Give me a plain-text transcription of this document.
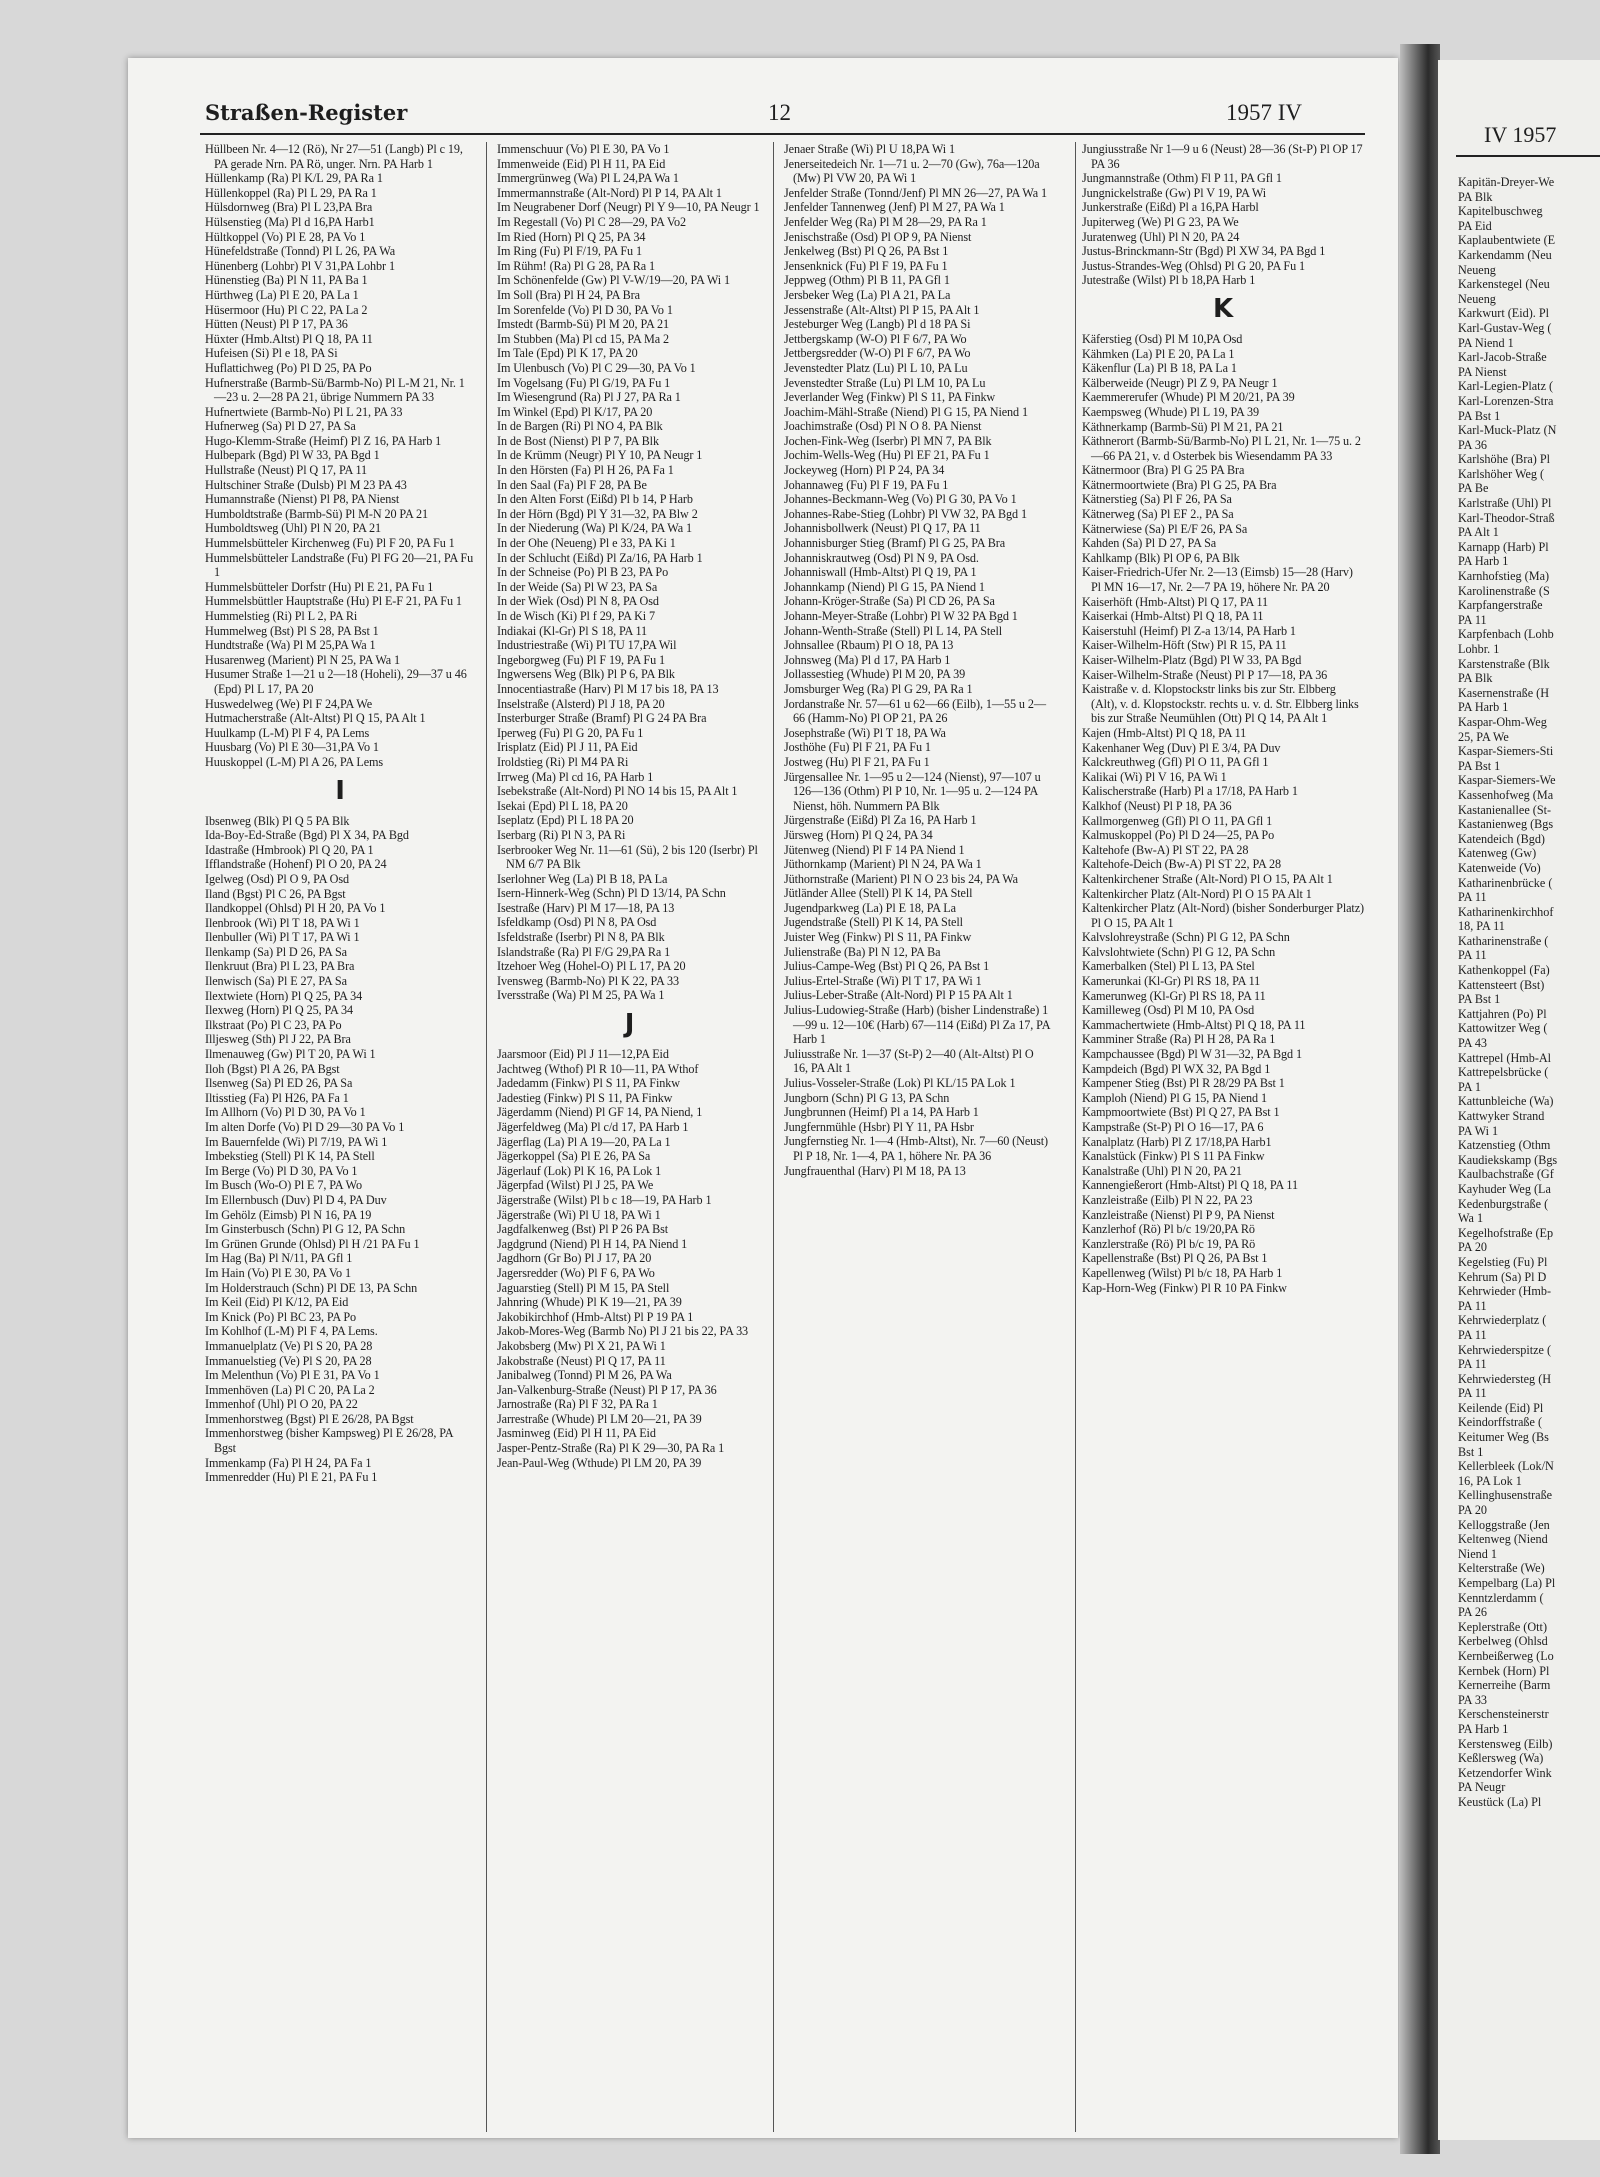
IV 1957
Kapitän-Dreyer-We
PA Blk
Kapitelbuschweg
PA Eid
Kaplaubentwiete (E
Karkendamm (Neu
Neueng
Karkenstegel (Neu
Neueng
Karkwurt (Eid). Pl
Karl-Gustav-Weg (
PA Niend 1
Karl-Jacob-Straße
PA Nienst
Karl-Legien-Platz (
Karl-Lorenzen-Stra
PA Bst 1
Karl-Muck-Platz (N
PA 36
Karlshöhe (Bra) Pl
Karlshöher Weg (
PA Be
Karlstraße (Uhl) Pl
Karl-Theodor-Straß
PA Alt 1
Karnapp (Harb) Pl
PA Harb 1
Karnhofstieg (Ma)
Karolinenstraße (S
Karpfangerstraße
PA 11
Karpfenbach (Lohb
Lohbr. 1
Karstenstraße (Blk
PA Blk
Kasernenstraße (H
PA Harb 1
Kaspar-Ohm-Weg
25, PA We
Kaspar-Siemers-Sti
PA Bst 1
Kaspar-Siemers-We
Kassenhofweg (Ma
Kastanienallee (St-
Kastanienweg (Bgs
Katendeich (Bgd)
Katenweg (Gw)
Katenweide (Vo)
Katharinenbrücke (
PA 11
Katharinenkirchhof
18, PA 11
Katharinenstraße (
PA 11
Kathenkoppel (Fa)
Kattensteert (Bst)
PA Bst 1
Kattjahren (Po) Pl
Kattowitzer Weg (
PA 43
Kattrepel (Hmb-Al
Kattrepelsbrücke (
PA 1
Kattunbleiche (Wa)
Kattwyker Strand
PA Wi 1
Katzenstieg (Othm
Kaudiekskamp (Bgs
Kaulbachstraße (Gf
Kayhuder Weg (La
Kedenburgstraße (
Wa 1
Kegelhofstraße (Ep
PA 20
Kegelstieg (Fu) Pl
Kehrum (Sa) Pl D
Kehrwieder (Hmb-
PA 11
Kehrwiederplatz (
PA 11
Kehrwiederspitze (
PA 11
Kehrwiedersteg (H
PA 11
Keilende (Eid) Pl
Keindorffstraße (
Keitumer Weg (Bs
Bst 1
Kellerbleek (Lok/N
16, PA Lok 1
Kellinghusenstraße
PA 20
Kelloggstraße (Jen
Keltenweg (Niend
Niend 1
Kelterstraße (We)
Kempelbarg (La) Pl
Kenntzlerdamm (
PA 26
Keplerstraße (Ott)
Kerbelweg (Ohlsd
Kernbeißerweg (Lo
Kernbek (Horn) Pl
Kernerreihe (Barm
PA 33
Kerschensteinerstr
PA Harb 1
Kerstensweg (Eilb)
Keßlersweg (Wa)
Ketzendorfer Wink
PA Neugr
Keustück (La) Pl
Straßen-Register	12	1957 IV
Hüllbeen Nr. 4—12 (Rö), Nr 27—51 (Langb) Pl c 19, PA gerade Nrn. PA Rö, unger. Nrn. PA Harb 1
Hüllenkamp (Ra) Pl K/L 29, PA Ra 1
Hüllenkoppel (Ra) Pl L 29, PA Ra 1
Hülsdornweg (Bra) Pl L 23,PA Bra
Hülsenstieg (Ma) Pl d 16,PA Harb1
Hültkoppel (Vo) Pl E 28, PA Vo 1
Hünefeldstraße (Tonnd) Pl L 26, PA Wa
Hünenberg (Lohbr) Pl V 31,PA Lohbr 1
Hünenstieg (Ba) Pl N 11, PA Ba 1
Hürthweg (La) Pl E 20, PA La 1
Hüsermoor (Hu) Pl C 22, PA La 2
Hütten (Neust) Pl P 17, PA 36
Hüxter (Hmb.Altst) Pl Q 18, PA 11
Hufeisen (Si) Pl e 18, PA Si
Huflattichweg (Po) Pl D 25, PA Po
Hufnerstraße (Barmb-Sü/Barmb-No) Pl L-M 21, Nr. 1—23 u. 2—28 PA 21, übrige Nummern PA 33
Hufnertwiete (Barmb-No) Pl L 21, PA 33
Hufnerweg (Sa) Pl D 27, PA Sa
Hugo-Klemm-Straße (Heimf) Pl Z 16, PA Harb 1
Hulbepark (Bgd) Pl W 33, PA Bgd 1
Hullstraße (Neust) Pl Q 17, PA 11
Hultschiner Straße (Dulsb) Pl M 23 PA 43
Humannstraße (Nienst) Pl P8, PA Nienst
Humboldtstraße (Barmb-Sü) Pl M-N 20 PA 21
Humboldtsweg (Uhl) Pl N 20, PA 21
Hummelsbütteler Kirchenweg (Fu) Pl F 20, PA Fu 1
Hummelsbütteler Landstraße (Fu) Pl FG 20—21, PA Fu 1
Hummelsbütteler Dorfstr (Hu) Pl E 21, PA Fu 1
Hummelsbüttler Hauptstraße (Hu) Pl E-F 21, PA Fu 1
Hummelstieg (Ri) Pl L 2, PA Ri
Hummelweg (Bst) Pl S 28, PA Bst 1
Hundtstraße (Wa) Pl M 25,PA Wa 1
Husarenweg (Marient) Pl N 25, PA Wa 1
Husumer Straße 1—21 u 2—18 (Hoheli), 29—37 u 46 (Epd) Pl L 17, PA 20
Huswedelweg (We) Pl F 24,PA We
Hutmacherstraße (Alt-Altst) Pl Q 15, PA Alt 1
Huulkamp (L-M) Pl F 4, PA Lems
Huusbarg (Vo) Pl E 30—31,PA Vo 1
Huuskoppel (L-M) Pl A 26, PA Lems
I
Ibsenweg (Blk) Pl Q 5 PA Blk
Ida-Boy-Ed-Straße (Bgd) Pl X 34, PA Bgd
Idastraße (Hmbrook) Pl Q 20, PA 1
Ifflandstraße (Hohenf) Pl O 20, PA 24
Igelweg (Osd) Pl O 9, PA Osd
Iland (Bgst) Pl C 26, PA Bgst
Ilandkoppel (Ohlsd) Pl H 20, PA Vo 1
Ilenbrook (Wi) Pl T 18, PA Wi 1
Ilenbuller (Wi) Pl T 17, PA Wi 1
Ilenkamp (Sa) Pl D 26, PA Sa
Ilenkruut (Bra) Pl L 23, PA Bra
Ilenwisch (Sa) Pl E 27, PA Sa
Ilextwiete (Horn) Pl Q 25, PA 34
Ilexweg (Horn) Pl Q 25, PA 34
Ilkstraat (Po) Pl C 23, PA Po
Illjesweg (Sth) Pl J 22, PA Bra
Ilmenauweg (Gw) Pl T 20, PA Wi 1
Iloh (Bgst) Pl A 26, PA Bgst
Ilsenweg (Sa) Pl ED 26, PA Sa
Iltisstieg (Fa) Pl H26, PA Fa 1
Im Allhorn (Vo) Pl D 30, PA Vo 1
Im alten Dorfe (Vo) Pl D 29—30 PA Vo 1
Im Bauernfelde (Wi) Pl 7/19, PA Wi 1
Imbekstieg (Stell) Pl K 14, PA Stell
Im Berge (Vo) Pl D 30, PA Vo 1
Im Busch (Wo-O) Pl E 7, PA Wo
Im Ellernbusch (Duv) Pl D 4, PA Duv
Im Gehölz (Eimsb) Pl N 16, PA 19
Im Ginsterbusch (Schn) Pl G 12, PA Schn
Im Grünen Grunde (Ohlsd) Pl H /21 PA Fu 1
Im Hag (Ba) Pl N/11, PA Gfl 1
Im Hain (Vo) Pl E 30, PA Vo 1
Im Holderstrauch (Schn) Pl DE 13, PA Schn
Im Keil (Eid) Pl K/12, PA Eid
Im Knick (Po) Pl BC 23, PA Po
Im Kohlhof (L-M) Pl F 4, PA Lems.
Immanuelplatz (Ve) Pl S 20, PA 28
Immanuelstieg (Ve) Pl S 20, PA 28
Im Melenthun (Vo) Pl E 31, PA Vo 1
Immenhöven (La) Pl C 20, PA La 2
Immenhof (Uhl) Pl O 20, PA 22
Immenhorstweg (Bgst) Pl E 26/28, PA Bgst
Immenhorstweg (bisher Kampsweg) Pl E 26/28, PA Bgst
Immenkamp (Fa) Pl H 24, PA Fa 1
Immenredder (Hu) Pl E 21, PA Fu 1
Immenschuur (Vo) Pl E 30, PA Vo 1
Immenweide (Eid) Pl H 11, PA Eid
Immergrünweg (Wa) Pl L 24,PA Wa 1
Immermannstraße (Alt-Nord) Pl P 14, PA Alt 1
Im Neugrabener Dorf (Neugr) Pl Y 9—10, PA Neugr 1
Im Regestall (Vo) Pl C 28—29, PA Vo2
Im Ried (Horn) Pl Q 25, PA 34
Im Ring (Fu) Pl F/19, PA Fu 1
Im Rühm! (Ra) Pl G 28, PA Ra 1
Im Schönenfelde (Gw) Pl V-W/19—20, PA Wi 1
Im Soll (Bra) Pl H 24, PA Bra
Im Sorenfelde (Vo) Pl D 30, PA Vo 1
Imstedt (Barmb-Sü) Pl M 20, PA 21
Im Stubben (Ma) Pl cd 15, PA Ma 2
Im Tale (Epd) Pl K 17, PA 20
Im Ulenbusch (Vo) Pl C 29—30, PA Vo 1
Im Vogelsang (Fu) Pl G/19, PA Fu 1
Im Wiesengrund (Ra) Pl J 27, PA Ra 1
Im Winkel (Epd) Pl K/17, PA 20
In de Bargen (Ri) Pl NO 4, PA Blk
In de Bost (Nienst) Pl P 7, PA Blk
In de Krümm (Neugr) Pl Y 10, PA Neugr 1
In den Hörsten (Fa) Pl H 26, PA Fa 1
In den Saal (Fa) Pl F 28, PA Be
In den Alten Forst (Eißd) Pl b 14, P Harb
In der Hörn (Bgd) Pl Y 31—32, PA Blw 2
In der Niederung (Wa) Pl K/24, PA Wa 1
In der Ohe (Neueng) Pl e 33, PA Ki 1
In der Schlucht (Eißd) Pl Za/16, PA Harb 1
In der Schneise (Po) Pl B 23, PA Po
In der Weide (Sa) Pl W 23, PA Sa
In der Wiek (Osd) Pl N 8, PA Osd
In de Wisch (Ki) Pl f 29, PA Ki 7
Indiakai (Kl-Gr) Pl S 18, PA 11
Industriestraße (Wi) Pl TU 17,PA Wil
Ingeborgweg (Fu) Pl F 19, PA Fu 1
Ingwersens Weg (Blk) Pl P 6, PA Blk
Innocentiastraße (Harv) Pl M 17 bis 18, PA 13
Inselstraße (Alsterd) Pl J 18, PA 20
Insterburger Straße (Bramf) Pl G 24 PA Bra
Iperweg (Fu) Pl G 20, PA Fu 1
Irisplatz (Eid) Pl J 11, PA Eid
Iroldstieg (Ri) Pl M4 PA Ri
Irrweg (Ma) Pl cd 16, PA Harb 1
Isebekstraße (Alt-Nord) Pl NO 14 bis 15, PA Alt 1
Isekai (Epd) Pl L 18, PA 20
Iseplatz (Epd) Pl L 18 PA 20
Iserbarg (Ri) Pl N 3, PA Ri
Iserbrooker Weg Nr. 11—61 (Sü), 2 bis 120 (Iserbr) Pl NM 6/7 PA Blk
Iserlohner Weg (La) Pl B 18, PA La
Isern-Hinnerk-Weg (Schn) Pl D 13/14, PA Schn
Isestraße (Harv) Pl M 17—18, PA 13
Isfeldkamp (Osd) Pl N 8, PA Osd
Isfeldstraße (Iserbr) Pl N 8, PA Blk
Islandstraße (Ra) Pl F/G 29,PA Ra 1
Itzehoer Weg (Hohel-O) Pl L 17, PA 20
Ivensweg (Barmb-No) Pl K 22, PA 33
Iversstraße (Wa) Pl M 25, PA Wa 1
J
Jaarsmoor (Eid) Pl J 11—12,PA Eid
Jachtweg (Wthof) Pl R 10—11, PA Wthof
Jadedamm (Finkw) Pl S 11, PA Finkw
Jadestieg (Finkw) Pl S 11, PA Finkw
Jägerdamm (Niend) Pl GF 14, PA Niend, 1
Jägerfeldweg (Ma) Pl c/d 17, PA Harb 1
Jägerflag (La) Pl A 19—20, PA La 1
Jägerkoppel (Sa) Pl E 26, PA Sa
Jägerlauf (Lok) Pl K 16, PA Lok 1
Jägerpfad (Wilst) Pl J 25, PA We
Jägerstraße (Wilst) Pl b c 18—19, PA Harb 1
Jägerstraße (Wi) Pl U 18, PA Wi 1
Jagdfalkenweg (Bst) Pl P 26 PA Bst
Jagdgrund (Niend) Pl H 14, PA Niend 1
Jagdhorn (Gr Bo) Pl J 17, PA 20
Jagersredder (Wo) Pl F 6, PA Wo
Jaguarstieg (Stell) Pl M 15, PA Stell
Jahnring (Whude) Pl K 19—21, PA 39
Jakobikirchhof (Hmb-Altst) Pl P 19 PA 1
Jakob-Mores-Weg (Barmb No) Pl J 21 bis 22, PA 33
Jakobsberg (Mw) Pl X 21, PA Wi 1
Jakobstraße (Neust) Pl Q 17, PA 11
Janibalweg (Tonnd) Pl M 26, PA Wa
Jan-Valkenburg-Straße (Neust) Pl P 17, PA 36
Jarnostraße (Ra) Pl F 32, PA Ra 1
Jarrestraße (Whude) Pl LM 20—21, PA 39
Jasminweg (Eid) Pl H 11, PA Eid
Jasper-Pentz-Straße (Ra) Pl K 29—30, PA Ra 1
Jean-Paul-Weg (Wthude) Pl LM 20, PA 39
Jenaer Straße (Wi) Pl U 18,PA Wi 1
Jenerseitedeich Nr. 1—71 u. 2—70 (Gw), 76a—120a (Mw) Pl VW 20, PA Wi 1
Jenfelder Straße (Tonnd/Jenf) Pl MN 26—27, PA Wa 1
Jenfelder Tannenweg (Jenf) Pl M 27, PA Wa 1
Jenfelder Weg (Ra) Pl M 28—29, PA Ra 1
Jenischstraße (Osd) Pl OP 9, PA Nienst
Jenkelweg (Bst) Pl Q 26, PA Bst 1
Jensenknick (Fu) Pl F 19, PA Fu 1
Jeppweg (Othm) Pl B 11, PA Gfl 1
Jersbeker Weg (La) Pl A 21, PA La
Jessenstraße (Alt-Altst) Pl P 15, PA Alt 1
Jesteburger Weg (Langb) Pl d 18 PA Si
Jettbergskamp (W-O) Pl F 6/7, PA Wo
Jettbergsredder (W-O) Pl F 6/7, PA Wo
Jevenstedter Platz (Lu) Pl L 10, PA Lu
Jevenstedter Straße (Lu) Pl LM 10, PA Lu
Jeverlander Weg (Finkw) Pl S 11, PA Finkw
Joachim-Mähl-Straße (Niend) Pl G 15, PA Niend 1
Joachimstraße (Osd) Pl N O 8. PA Nienst
Jochen-Fink-Weg (Iserbr) Pl MN 7, PA Blk
Jochim-Wells-Weg (Hu) Pl EF 21, PA Fu 1
Jockeyweg (Horn) Pl P 24, PA 34
Johannaweg (Fu) Pl F 19, PA Fu 1
Johannes-Beckmann-Weg (Vo) Pl G 30, PA Vo 1
Johannes-Rabe-Stieg (Lohbr) Pl VW 32, PA Bgd 1
Johannisbollwerk (Neust) Pl Q 17, PA 11
Johannisburger Stieg (Bramf) Pl G 25, PA Bra
Johanniskrautweg (Osd) Pl N 9, PA Osd.
Johanniswall (Hmb-Altst) Pl Q 19, PA 1
Johannkamp (Niend) Pl G 15, PA Niend 1
Johann-Kröger-Straße (Sa) Pl CD 26, PA Sa
Johann-Meyer-Straße (Lohbr) Pl W 32 PA Bgd 1
Johann-Wenth-Straße (Stell) Pl L 14, PA Stell
Johnsallee (Rbaum) Pl O 18, PA 13
Johnsweg (Ma) Pl d 17, PA Harb 1
Jollassestieg (Whude) Pl M 20, PA 39
Jomsburger Weg (Ra) Pl G 29, PA Ra 1
Jordanstraße Nr. 57—61 u 62—66 (Eilb), 1—55 u 2—66 (Hamm-No) Pl OP 21, PA 26
Josephstraße (Wi) Pl T 18, PA Wa
Josthöhe (Fu) Pl F 21, PA Fu 1
Jostweg (Hu) Pl F 21, PA Fu 1
Jürgensallee Nr. 1—95 u 2—124 (Nienst), 97—107 u 126—136 (Othm) Pl P 10, Nr. 1—95 u. 2—124 PA Nienst, höh. Nummern PA Blk
Jürgenstraße (Eißd) Pl Za 16, PA Harb 1
Jürsweg (Horn) Pl Q 24, PA 34
Jütenweg (Niend) Pl F 14 PA Niend 1
Jüthornkamp (Marient) Pl N 24, PA Wa 1
Jüthornstraße (Marient) Pl N O 23 bis 24, PA Wa
Jütländer Allee (Stell) Pl K 14, PA Stell
Jugendparkweg (La) Pl E 18, PA La
Jugendstraße (Stell) Pl K 14, PA Stell
Juister Weg (Finkw) Pl S 11, PA Finkw
Julienstraße (Ba) Pl N 12, PA Ba
Julius-Campe-Weg (Bst) Pl Q 26, PA Bst 1
Julius-Ertel-Straße (Wi) Pl T 17, PA Wi 1
Julius-Leber-Straße (Alt-Nord) Pl P 15 PA Alt 1
Julius-Ludowieg-Straße (Harb) (bisher Lindenstraße) 1—99 u. 12—10€ (Harb) 67—114 (Eißd) Pl Za 17, PA Harb 1
Juliusstraße Nr. 1—37 (St-P) 2—40 (Alt-Altst) Pl O 16, PA Alt 1
Julius-Vosseler-Straße (Lok) Pl KL/15 PA Lok 1
Jungborn (Schn) Pl G 13, PA Schn
Jungbrunnen (Heimf) Pl a 14, PA Harb 1
Jungfernmühle (Hsbr) Pl Y 11, PA Hsbr
Jungfernstieg Nr. 1—4 (Hmb-Altst), Nr. 7—60 (Neust) Pl P 18, Nr. 1—4, PA 1, höhere Nr. PA 36
Jungfrauenthal (Harv) Pl M 18, PA 13
Jungiusstraße Nr 1—9 u 6 (Neust) 28—36 (St-P) Pl OP 17 PA 36
Jungmannstraße (Othm) Fl P 11, PA Gfl 1
Jungnickelstraße (Gw) Pl V 19, PA Wi
Junkerstraße (Eißd) Pl a 16,PA Harbl
Jupiterweg (We) Pl G 23, PA We
Juratenweg (Uhl) Pl N 20, PA 24
Justus-Brinckmann-Str (Bgd) Pl XW 34, PA Bgd 1
Justus-Strandes-Weg (Ohlsd) Pl G 20, PA Fu 1
Jutestraße (Wilst) Pl b 18,PA Harb 1
K
Käferstieg (Osd) Pl M 10,PA Osd
Kähmken (La) Pl E 20, PA La 1
Käkenflur (La) Pl B 18, PA La 1
Kälberweide (Neugr) Pl Z 9, PA Neugr 1
Kaemmererufer (Whude) Pl M 20/21, PA 39
Kaempsweg (Whude) Pl L 19, PA 39
Käthnerkamp (Barmb-Sü) Pl M 21, PA 21
Käthnerort (Barmb-Sü/Barmb-No) Pl L 21, Nr. 1—75 u. 2—66 PA 21, v. d Osterbek bis Wiesendamm PA 33
Kätnermoor (Bra) Pl G 25 PA Bra
Kätnermoortwiete (Bra) Pl G 25, PA Bra
Kätnerstieg (Sa) Pl F 26, PA Sa
Kätnerweg (Sa) Pl EF 2., PA Sa
Kätnerwiese (Sa) Pl E/F 26, PA Sa
Kahden (Sa) Pl D 27, PA Sa
Kahlkamp (Blk) Pl OP 6, PA Blk
Kaiser-Friedrich-Ufer Nr. 2—13 (Eimsb) 15—28 (Harv) Pl MN 16—17, Nr. 2—7 PA 19, höhere Nr. PA 20
Kaiserhöft (Hmb-Altst) Pl Q 17, PA 11
Kaiserkai (Hmb-Altst) Pl Q 18, PA 11
Kaiserstuhl (Heimf) Pl Z-a 13/14, PA Harb 1
Kaiser-Wilhelm-Höft (Stw) Pl R 15, PA 11
Kaiser-Wilhelm-Platz (Bgd) Pl W 33, PA Bgd
Kaiser-Wilhelm-Straße (Neust) Pl P 17—18, PA 36
Kaistraße v. d. Klopstockstr links bis zur Str. Elbberg (Alt), v. d. Klopstockstr. rechts u. v. d. Str. Elbberg links bis zur Straße Neumühlen (Ott) Pl Q 14, PA Alt 1
Kajen (Hmb-Altst) Pl Q 18, PA 11
Kakenhaner Weg (Duv) Pl E 3/4, PA Duv
Kalckreuthweg (Gfl) Pl O 11, PA Gfl 1
Kalikai (Wi) Pl V 16, PA Wi 1
Kalischerstraße (Harb) Pl a 17/18, PA Harb 1
Kalkhof (Neust) Pl P 18, PA 36
Kallmorgenweg (Gfl) Pl O 11, PA Gfl 1
Kalmuskoppel (Po) Pl D 24—25, PA Po
Kaltehofe (Bw-A) Pl ST 22, PA 28
Kaltehofe-Deich (Bw-A) Pl ST 22, PA 28
Kaltenkirchener Straße (Alt-Nord) Pl O 15, PA Alt 1
Kaltenkircher Platz (Alt-Nord) Pl O 15 PA Alt 1
Kaltenkircher Platz (Alt-Nord) (bisher Sonderburger Platz) Pl O 15, PA Alt 1
Kalvslohreystraße (Schn) Pl G 12, PA Schn
Kalvslohtwiete (Schn) Pl G 12, PA Schn
Kamerbalken (Stel) Pl L 13, PA Stel
Kamerunkai (Kl-Gr) Pl RS 18, PA 11
Kamerunweg (Kl-Gr) Pl RS 18, PA 11
Kamilleweg (Osd) Pl M 10, PA Osd
Kammachertwiete (Hmb-Altst) Pl Q 18, PA 11
Kamminer Straße (Ra) Pl H 28, PA Ra 1
Kampchaussee (Bgd) Pl W 31—32, PA Bgd 1
Kampdeich (Bgd) Pl WX 32, PA Bgd 1
Kampener Stieg (Bst) Pl R 28/29 PA Bst 1
Kamploh (Niend) Pl G 15, PA Niend 1
Kampmoortwiete (Bst) Pl Q 27, PA Bst 1
Kampstraße (St-P) Pl O 16—17, PA 6
Kanalplatz (Harb) Pl Z 17/18,PA Harb1
Kanalstück (Finkw) Pl S 11 PA Finkw
Kanalstraße (Uhl) Pl N 20, PA 21
Kannengießerort (Hmb-Altst) Pl Q 18, PA 11
Kanzleistraße (Eilb) Pl N 22, PA 23
Kanzleistraße (Nienst) Pl P 9, PA Nienst
Kanzlerhof (Rö) Pl b/c 19/20,PA Rö
Kanzlerstraße (Rö) Pl b/c 19, PA Rö
Kapellenstraße (Bst) Pl Q 26, PA Bst 1
Kapellenweg (Wilst) Pl b/c 18, PA Harb 1
Kap-Horn-Weg (Finkw) Pl R 10 PA Finkw
